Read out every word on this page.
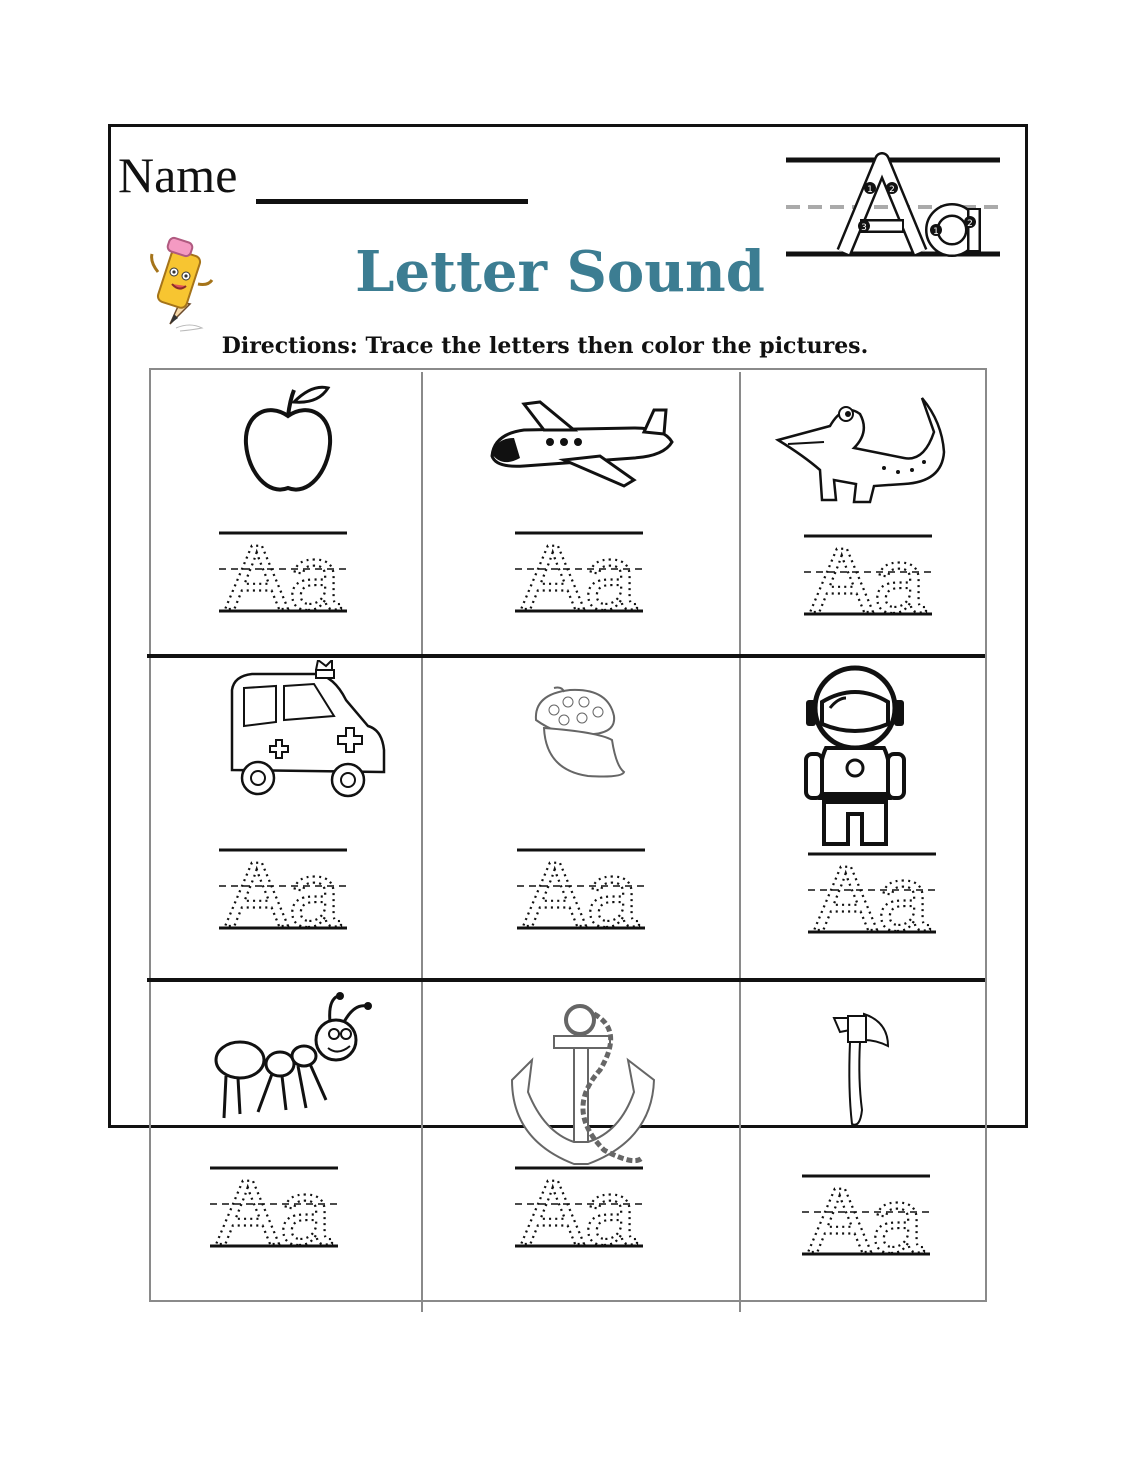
Name
Letter Sound
Directions: Trace the letters then color the pictures.
1 2
3	1
2
Aa Aa Aa
Aa Aa Aa
Aa Aa Aa
